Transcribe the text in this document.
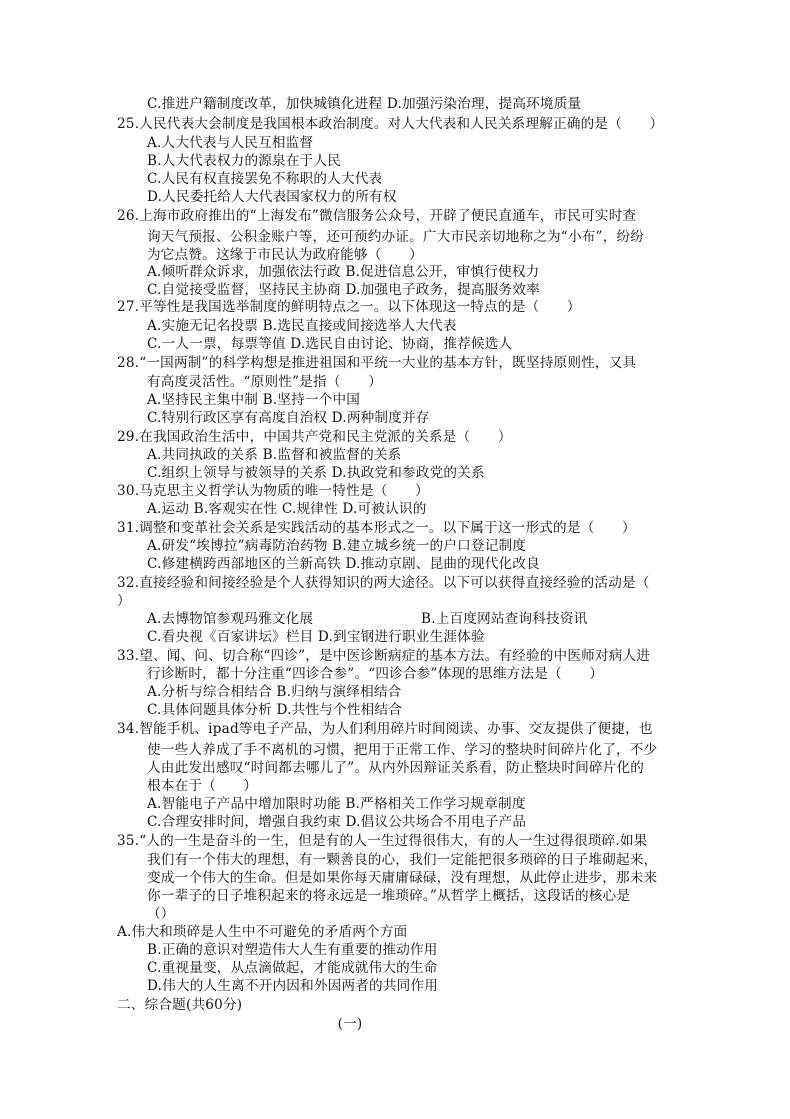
C.推进户籍制度改革，加快城镇化进程 D.加强污染治理，提高环境质量
25.人民代表大会制度是我国根本政治制度。对人大代表和人民关系理解正确的是（　　）
A.人大代表与人民互相监督
B.人大代表权力的源泉在于人民
C.人民有权直接罢免不称职的人大代表
D.人民委托给人大代表国家权力的所有权
26.上海市政府推出的“上海发布”微信服务公众号，开辟了便民直通车，市民可实时查
询天气预报、公积金账户等，还可预约办证。广大市民亲切地称之为“小布”，纷纷
为它点赞。这缘于市民认为政府能够（　　）
A.倾听群众诉求，加强依法行政 B.促进信息公开，审慎行使权力
C.自觉接受监督，坚持民主协商 D.加强电子政务，提高服务效率
27.平等性是我国选举制度的鲜明特点之一。以下体现这一特点的是（　　）
A.实施无记名投票 B.选民直接或间接选举人大代表
C.一人一票，每票等值 D.选民自由讨论、协商，推荐候选人
28.“一国两制”的科学构想是推进祖国和平统一大业的基本方针，既坚持原则性，又具
有高度灵活性。“原则性”是指（　　）
A.坚持民主集中制 B.坚持一个中国
C.特别行政区享有高度自治权 D.两种制度并存
29.在我国政治生活中，中国共产党和民主党派的关系是（　　）
A.共同执政的关系 B.监督和被监督的关系
C.组织上领导与被领导的关系 D.执政党和参政党的关系
30.马克思主义哲学认为物质的唯一特性是（　　）
A.运动 B.客观实在性 C.规律性 D.可被认识的
31.调整和变革社会关系是实践活动的基本形式之一。以下属于这一形式的是（　　）
A.研发“埃博拉”病毒防治药物 B.建立城乡统一的户口登记制度
C.修建横跨西部地区的兰新高铁 D.推动京剧、昆曲的现代化改良
32.直接经验和间接经验是个人获得知识的两大途径。以下可以获得直接经验的活动是（
）
A.去博物馆参观玛雅文化展	B.上百度网站查询科技资讯
C.看央视《百家讲坛》栏目 D.到宝钢进行职业生涯体验
33.望、闻、问、切合称“四诊”，是中医诊断病症的基本方法。有经验的中医师对病人进
行诊断时，都十分注重“四诊合参”。“四诊合参”体现的思维方法是（　　）
A.分析与综合相结合 B.归纳与演绎相结合
C.具体问题具体分析 D.共性与个性相结合
34.智能手机、ipad等电子产品，为人们利用碎片时间阅读、办事、交友提供了便捷，也
使一些人养成了手不离机的习惯，把用于正常工作、学习的整块时间碎片化了，不少
人由此发出感叹“时间都去哪儿了”。从内外因辩证关系看，防止整块时间碎片化的
根本在于（　　）
A.智能电子产品中增加限时功能 B.严格相关工作学习规章制度
C.合理安排时间，增强自我约束 D.倡议公共场合不用电子产品
35.“人的一生是奋斗的一生，但是有的人一生过得很伟大，有的人一生过得很琐碎.如果
我们有一个伟大的理想，有一颗善良的心，我们一定能把很多琐碎的日子堆砌起来，
变成一个伟大的生命。但是如果你每天庸庸碌碌，没有理想，从此停止进步，那未来
你一辈子的日子堆积起来的将永远是一堆琐碎。”从哲学上概括，这段话的核心是
（）
A.伟大和琐碎是人生中不可避免的矛盾两个方面
B.正确的意识对塑造伟大人生有重要的推动作用
C.重视量变，从点滴做起，才能成就伟大的生命
D.伟大的人生离不开内因和外因两者的共同作用
二、综合题(共60分)
(一)
